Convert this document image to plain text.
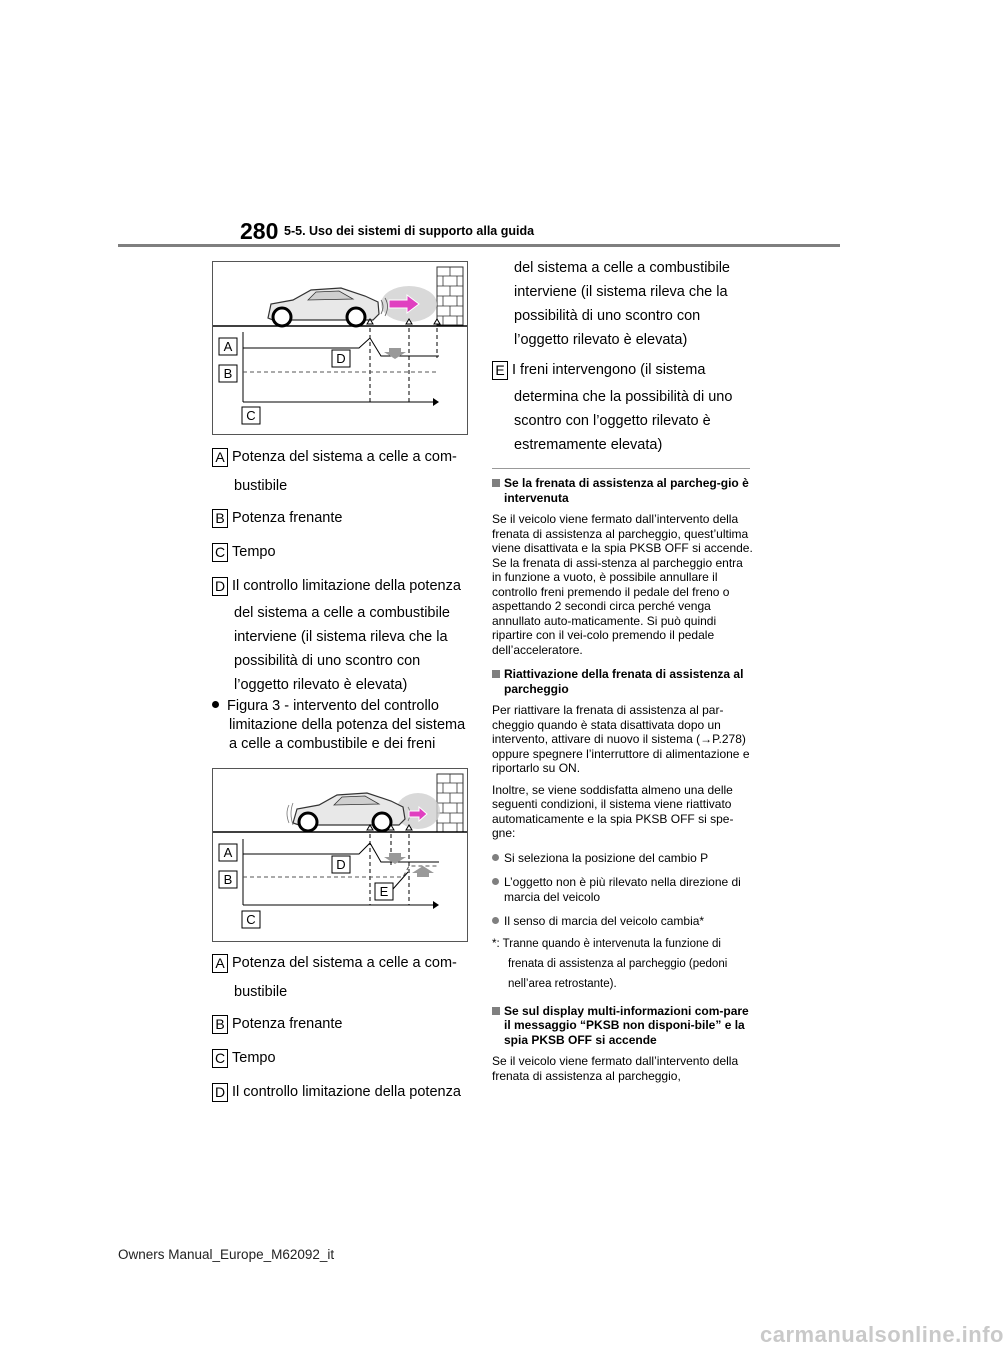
280 5-5. Uso dei sistemi di supporto alla guida
A
B
C
D
A Potenza del sistema a celle a com-
bustibile
B Potenza frenante
C Tempo
D Il controllo limitazione della potenza
del sistema a celle a combustibile
interviene (il sistema rileva che la
possibilità di uno scontro con
l’oggetto rilevato è elevata)
Figura 3 - intervento del controllo
limitazione della potenza del sistema
a celle a combustibile e dei freni
A
B
C
D
E
A Potenza del sistema a celle a com-
bustibile
B Potenza frenante
C Tempo
D Il controllo limitazione della potenza
del sistema a celle a combustibile
interviene (il sistema rileva che la
possibilità di uno scontro con
l’oggetto rilevato è elevata)
E I freni intervengono (il sistema
determina che la possibilità di uno
scontro con l’oggetto rilevato è
estremamente elevata)
Se la frenata di assistenza al parcheg-gio è intervenuta
Se il veicolo viene fermato dall’intervento della frenata di assistenza al parcheggio, quest’ultima viene disattivata e la spia PKSB OFF si accende. Se la frenata di assi-stenza al parcheggio entra in funzione a vuoto, è possibile annullare il controllo freni premendo il pedale del freno o aspettando 2 secondi circa perché venga annullato auto-maticamente. Si può quindi ripartire con il vei-colo premendo il pedale dell’acceleratore.
Riattivazione della frenata di assistenza al parcheggio
Per riattivare la frenata di assistenza al par-cheggio quando è stata disattivata dopo un intervento, attivare di nuovo il sistema (→P.278) oppure spegnere l’interruttore di alimentazione e riportarlo su ON.
Inoltre, se viene soddisfatta almeno una delle seguenti condizioni, il sistema viene riattivato automaticamente e la spia PKSB OFF si spe-gne:
Si seleziona la posizione del cambio P
L’oggetto non è più rilevato nella direzione di marcia del veicolo
Il senso di marcia del veicolo cambia*
*: Tranne quando è intervenuta la funzione di frenata di assistenza al parcheggio (pedoni nell’area retrostante).
Se sul display multi-informazioni com-pare il messaggio “PKSB non disponi-bile” e la spia PKSB OFF si accende
Se il veicolo viene fermato dall’intervento della frenata di assistenza al parcheggio,
Owners Manual_Europe_M62092_it
carmanualsonline.info
